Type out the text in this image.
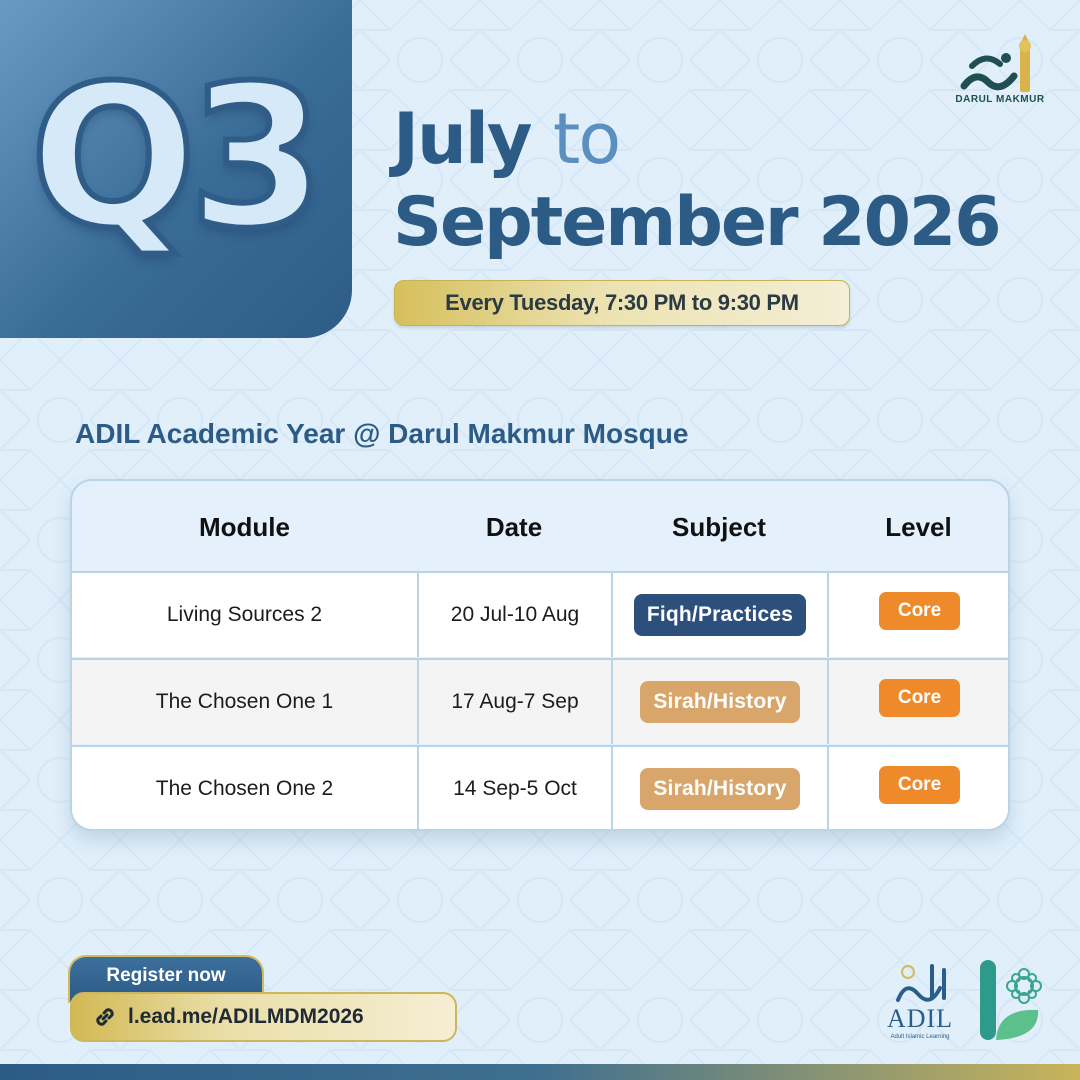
Q3 July to
September 2026
Every Tuesday, 7:30 PM to 9:30 PM
DARUL MAKMUR
ADIL Academic Year @ Darul Makmur Mosque
Module	Date	Subject	Level
Living Sources 2	20 Jul-10 Aug	Fiqh/Practices	Core
The Chosen One 1	17 Aug-7 Sep	Sirah/History	Core
The Chosen One 2	14 Sep-5 Oct	Sirah/History	Core
Register now
l.ead.me/ADILMDM2026	ADIL
Adult Islamic Learning
